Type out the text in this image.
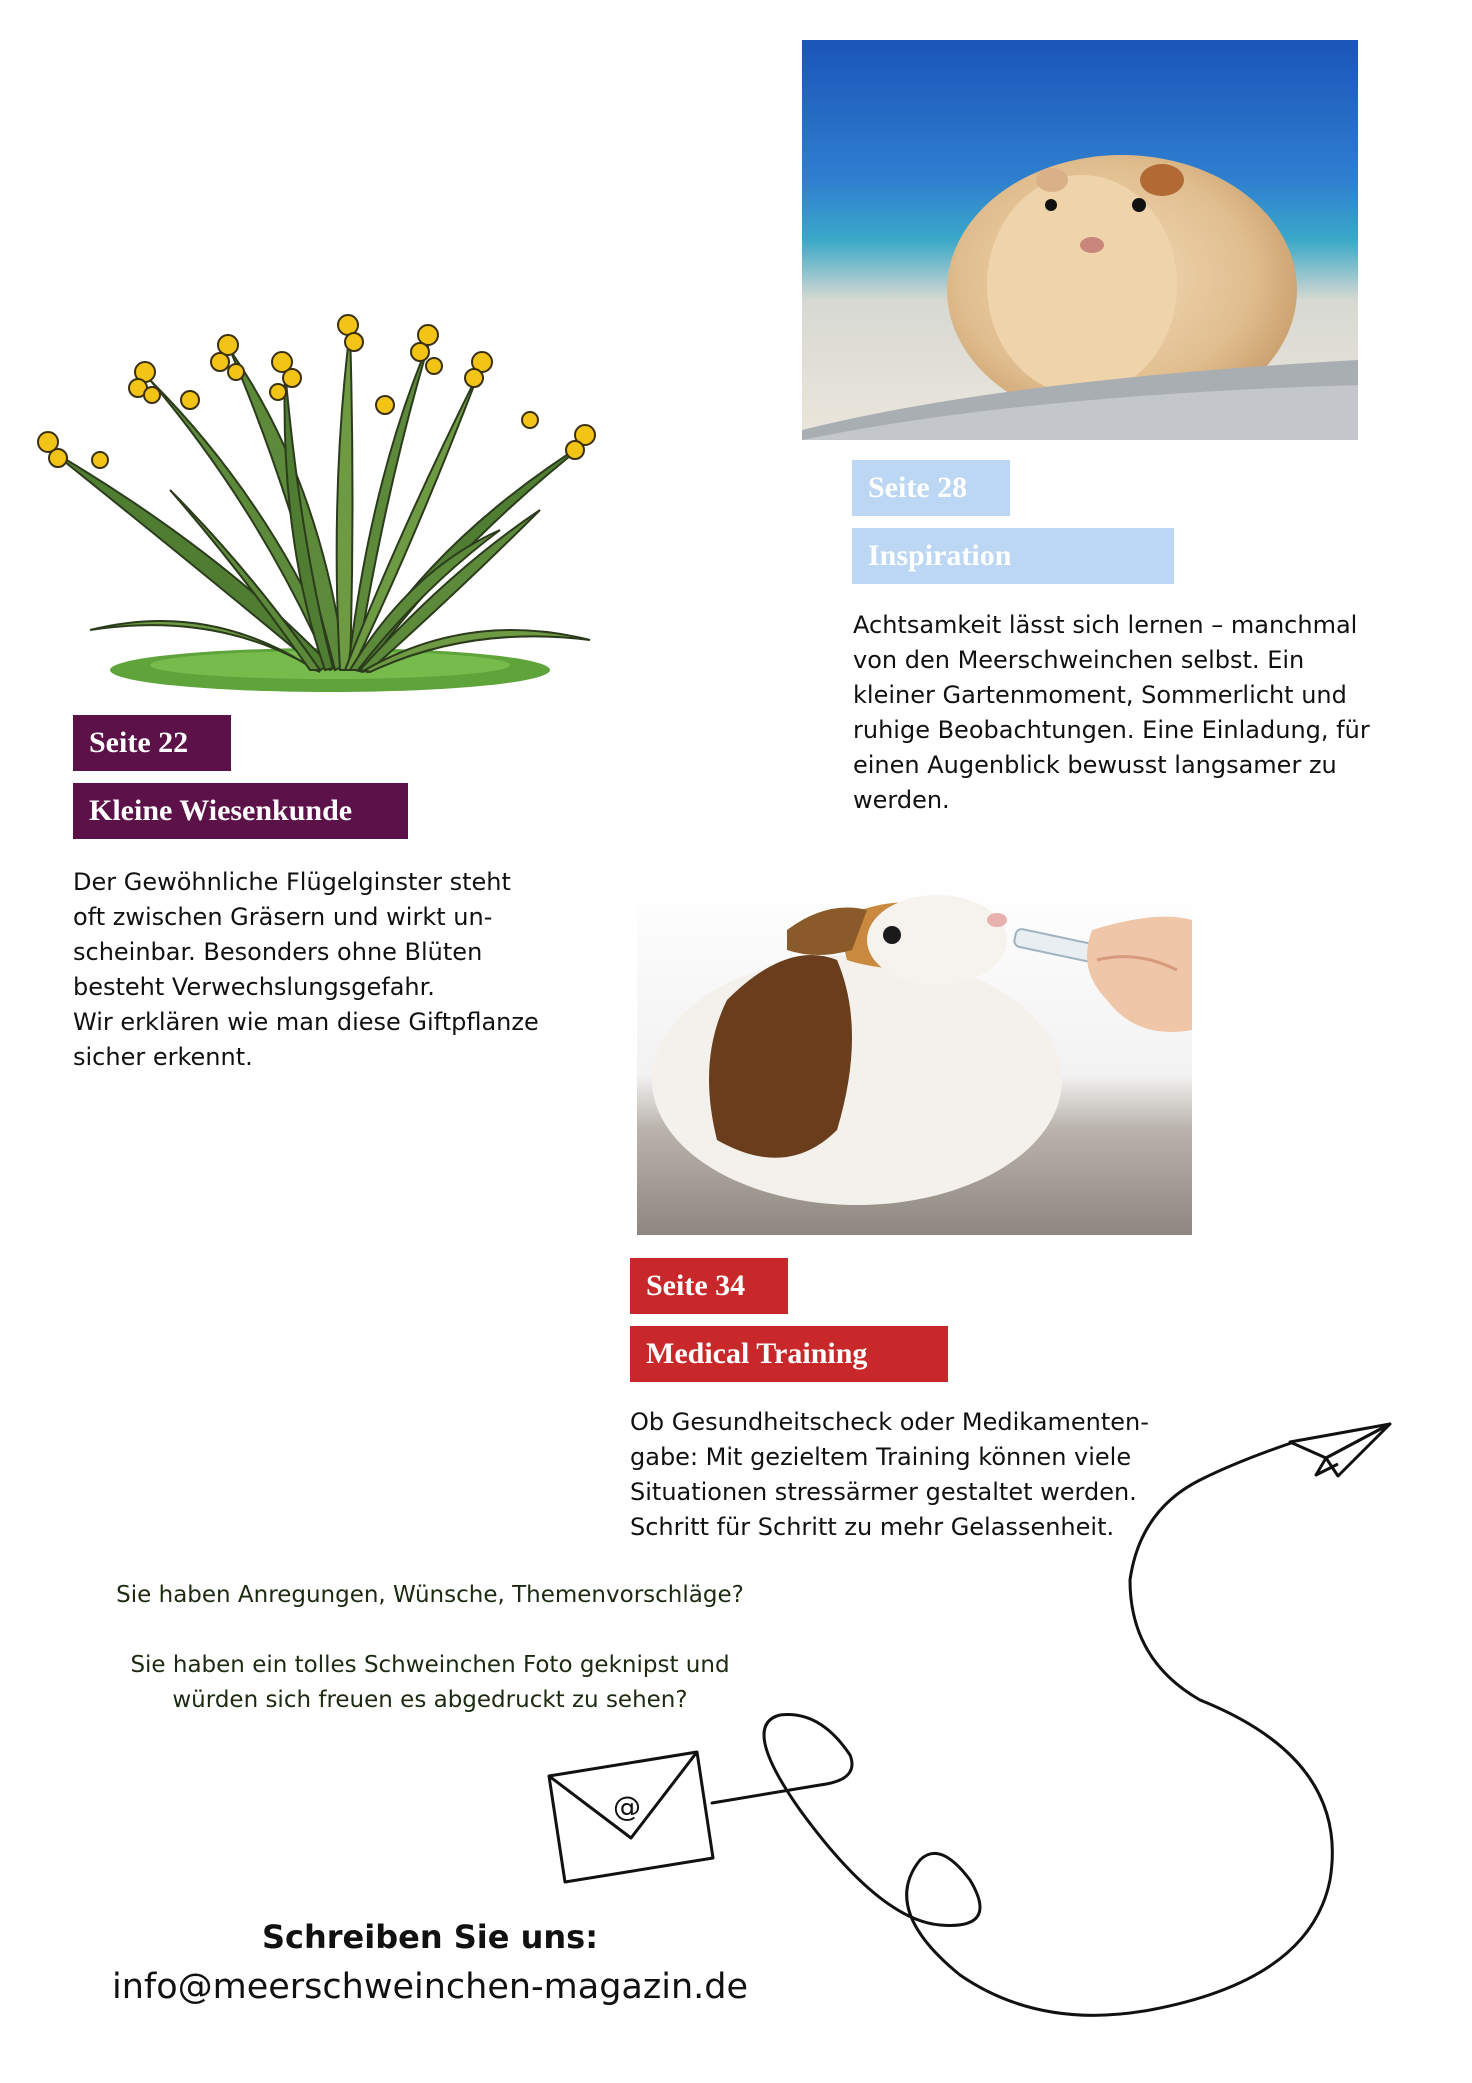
Seite 28
Inspiration
Achtsamkeit lässt sich lernen – manchmal
von den Meerschweinchen selbst. Ein
kleiner Gartenmoment, Sommerlicht und
ruhige Beobachtungen. Eine Einladung, für
einen Augenblick bewusst langsamer zu
werden.
Seite 22
Kleine Wiesenkunde
Der Gewöhnliche Flügelginster steht
oft zwischen Gräsern und wirkt un-
scheinbar. Besonders ohne Blüten
besteht Verwechslungsgefahr.
Wir erklären wie man diese Giftpflanze
sicher erkennt.
Seite 34
Medical Training
Ob Gesundheitscheck oder Medikamenten-
gabe: Mit gezieltem Training können viele
Situationen stressärmer gestaltet werden.
Schritt für Schritt zu mehr Gelassenheit.
@
Sie haben Anregungen, Wünsche, Themenvorschläge?
Sie haben ein tolles Schweinchen Foto geknipst und
würden sich freuen es abgedruckt zu sehen?
Schreiben Sie uns:
info@meerschweinchen-magazin.de
